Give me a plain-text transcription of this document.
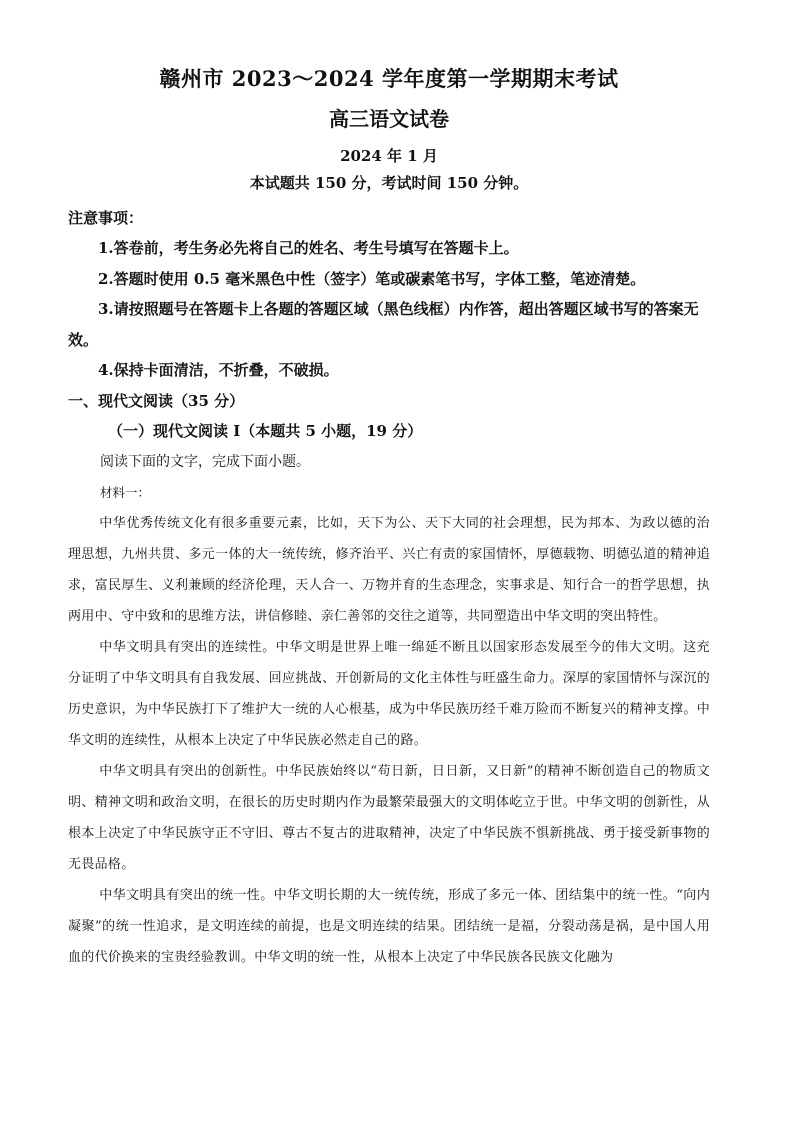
赣州市 2023～2024 学年度第一学期期末考试
高三语文试卷
2024 年 1 月
本试题共 150 分，考试时间 150 分钟。
注意事项：
1.答卷前，考生务必先将自己的姓名、考生号填写在答题卡上。
2.答题时使用 0.5 毫米黑色中性（签字）笔或碳素笔书写，字体工整，笔迹清楚。
3.请按照题号在答题卡上各题的答题区域（黑色线框）内作答，超出答题区域书写的答案无效。
4.保持卡面清洁，不折叠，不破损。
一、现代文阅读（35 分）
（一）现代文阅读 I（本题共 5 小题，19 分）
阅读下面的文字，完成下面小题。
材料一：

中华优秀传统文化有很多重要元素，比如，天下为公、天下大同的社会理想，民为邦本、为政以德的治理思想，九州共贯、多元一体的大一统传统，修齐治平、兴亡有责的家国情怀，厚德载物、明德弘道的精神追求，富民厚生、义利兼顾的经济伦理，天人合一、万物并育的生态理念，实事求是、知行合一的哲学思想，执两用中、守中致和的思维方法，讲信修睦、亲仁善邻的交往之道等，共同塑造出中华文明的突出特性。

中华文明具有突出的连续性。中华文明是世界上唯一绵延不断且以国家形态发展至今的伟大文明。这充分证明了中华文明具有自我发展、回应挑战、开创新局的文化主体性与旺盛生命力。深厚的家国情怀与深沉的历史意识，为中华民族打下了维护大一统的人心根基，成为中华民族历经千难万险而不断复兴的精神支撑。中华文明的连续性，从根本上决定了中华民族必然走自己的路。

中华文明具有突出的创新性。中华民族始终以“苟日新，日日新，又日新”的精神不断创造自己的物质文明、精神文明和政治文明，在很长的历史时期内作为最繁荣最强大的文明体屹立于世。中华文明的创新性，从根本上决定了中华民族守正不守旧、尊古不复古的进取精神，决定了中华民族不惧新挑战、勇于接受新事物的无畏品格。

中华文明具有突出的统一性。中华文明长期的大一统传统，形成了多元一体、团结集中的统一性。“向内凝聚”的统一性追求，是文明连续的前提，也是文明连续的结果。团结统一是福，分裂动荡是祸，是中国人用血的代价换来的宝贵经验教训。中华文明的统一性，从根本上决定了中华民族各民族文化融为
